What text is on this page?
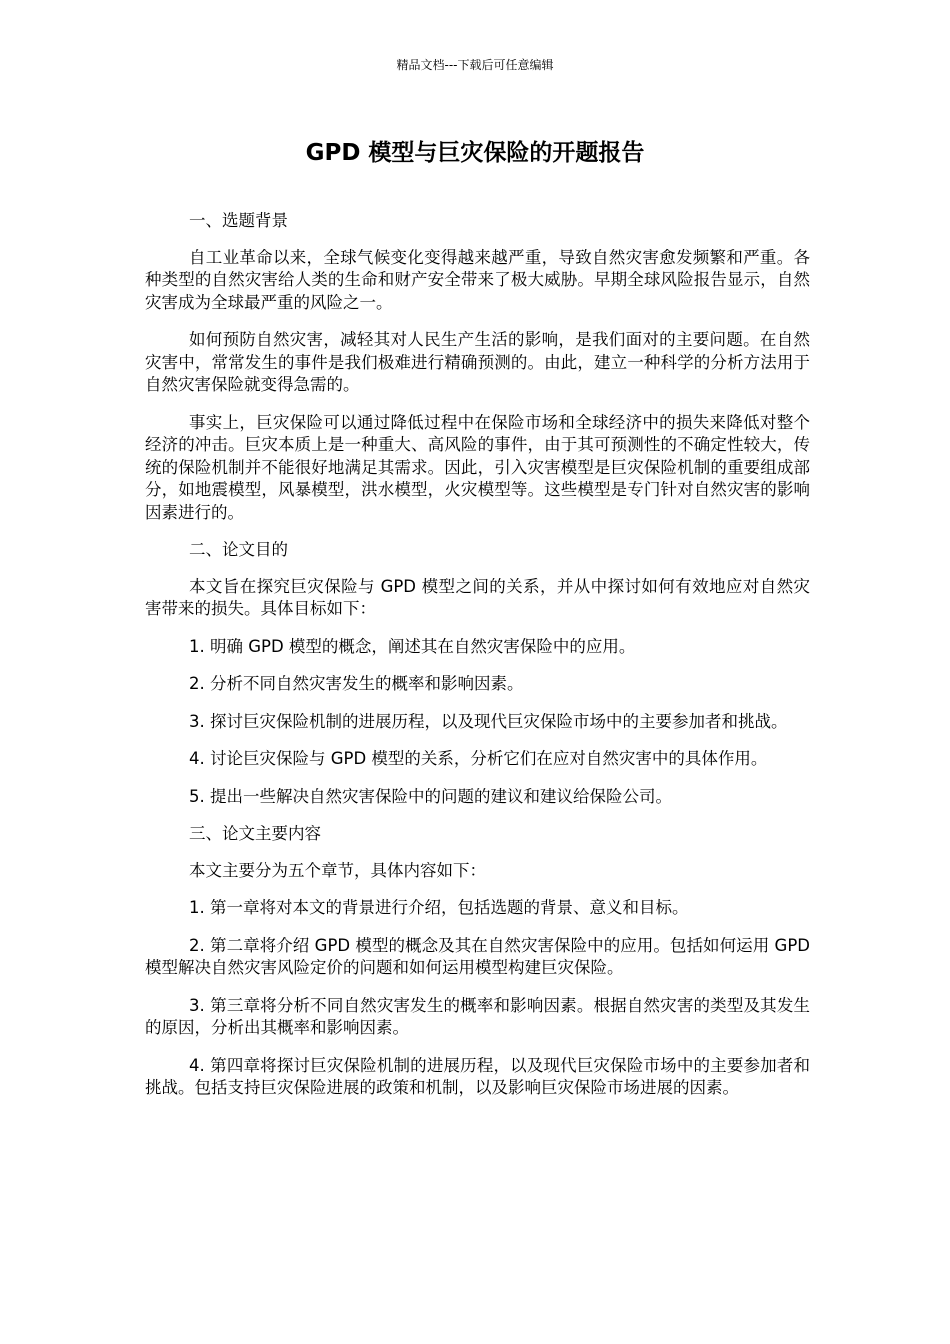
精品文档---下载后可任意编辑
GPD 模型与巨灾保险的开题报告

一、选题背景

自工业革命以来，全球气候变化变得越来越严重，导致自然灾害愈发频繁和严重。各种类型的自然灾害给人类的生命和财产安全带来了极大威胁。早期全球风险报告显示，自然灾害成为全球最严重的风险之一。

如何预防自然灾害，减轻其对人民生产生活的影响，是我们面对的主要问题。在自然灾害中，常常发生的事件是我们极难进行精确预测的。由此，建立一种科学的分析方法用于自然灾害保险就变得急需的。

事实上，巨灾保险可以通过降低过程中在保险市场和全球经济中的损失来降低对整个经济的冲击。巨灾本质上是一种重大、高风险的事件，由于其可预测性的不确定性较大，传统的保险机制并不能很好地满足其需求。因此，引入灾害模型是巨灾保险机制的重要组成部分，如地震模型，风暴模型，洪水模型，火灾模型等。这些模型是专门针对自然灾害的影响因素进行的。

二、论文目的

本文旨在探究巨灾保险与 GPD 模型之间的关系，并从中探讨如何有效地应对自然灾害带来的损失。具体目标如下：

1. 明确 GPD 模型的概念，阐述其在自然灾害保险中的应用。

2. 分析不同自然灾害发生的概率和影响因素。

3. 探讨巨灾保险机制的进展历程，以及现代巨灾保险市场中的主要参加者和挑战。

4. 讨论巨灾保险与 GPD 模型的关系，分析它们在应对自然灾害中的具体作用。

5. 提出一些解决自然灾害保险中的问题的建议和建议给保险公司。

三、论文主要内容

本文主要分为五个章节，具体内容如下：

1. 第一章将对本文的背景进行介绍，包括选题的背景、意义和目标。

2. 第二章将介绍 GPD 模型的概念及其在自然灾害保险中的应用。包括如何运用 GPD 模型解决自然灾害风险定价的问题和如何运用模型构建巨灾保险。

3. 第三章将分析不同自然灾害发生的概率和影响因素。根据自然灾害的类型及其发生的原因，分析出其概率和影响因素。

4. 第四章将探讨巨灾保险机制的进展历程，以及现代巨灾保险市场中的主要参加者和挑战。包括支持巨灾保险进展的政策和机制，以及影响巨灾保险市场进展的因素。
